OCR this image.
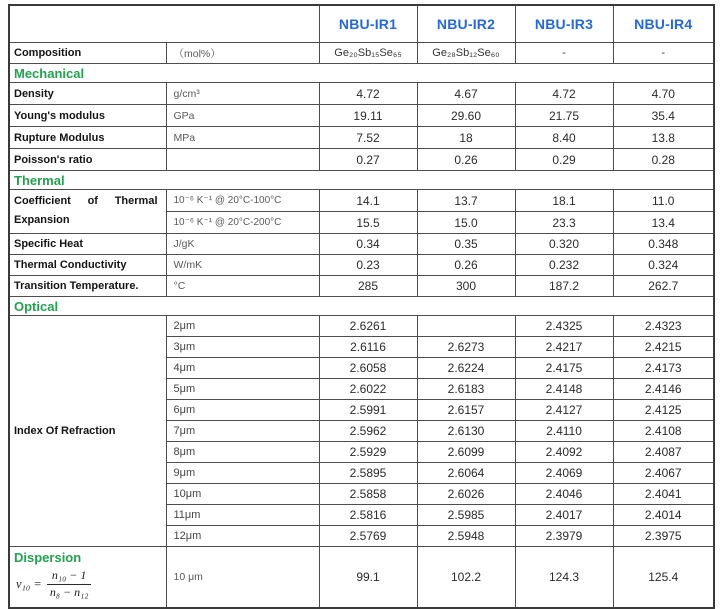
		NBU-IR1	NBU-IR2	NBU-IR3	NBU-IR4
Composition	（mol%）	Ge₂₀Sb₁₅Se₆₅	Ge₂₈Sb₁₂Se₆₀	-	-
Mechanical					
Density	g/cm³	4.72	4.67	4.72	4.70
Young's modulus	GPa	19.11	29.60	21.75	35.4
Rupture Modulus	MPa	7.52	18	8.40	13.8
Poisson's ratio		0.27	0.26	0.29	0.28
Thermal					
Coefficient of Thermal Expansion	10⁻⁶ K⁻¹ @ 20°C-100°C	14.1	13.7	18.1	11.0
	10⁻⁶ K⁻¹ @ 20°C-200°C	15.5	15.0	23.3	13.4
Specific Heat	J/gK	0.34	0.35	0.320	0.348
Thermal Conductivity	W/mK	0.23	0.26	0.232	0.324
Transition Temperature.	°C	285	300	187.2	262.7
Optical					
Index Of Refraction	2μm	2.6261		2.4325	2.4323
	3μm	2.6116	2.6273	2.4217	2.4215
	4μm	2.6058	2.6224	2.4175	2.4173
	5μm	2.6022	2.6183	2.4148	2.4146
	6μm	2.5991	2.6157	2.4127	2.4125
	7μm	2.5962	2.6130	2.4110	2.4108
	8μm	2.5929	2.6099	2.4092	2.4087
	9μm	2.5895	2.6064	2.4069	2.4067
	10μm	2.5858	2.6026	2.4046	2.4041
	11μm	2.5816	2.5985	2.4017	2.4014
	12μm	2.5769	2.5948	2.3979	2.3975

Dispersion
$\nu_{10} = \frac{\text{n₁₀ − 1}}{\text{n₈ − n₁₂}}$	10 μm	99.1	102.2	124.3	125.4
